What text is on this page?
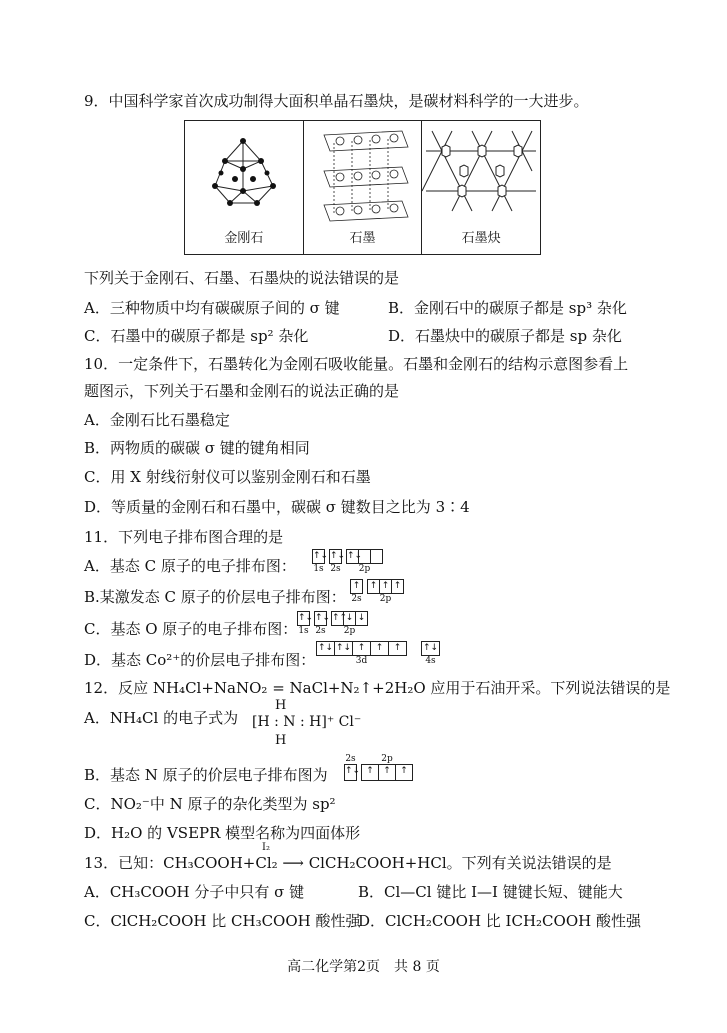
9．中国科学家首次成功制得大面积单晶石墨炔，是碳材料科学的一大进步。
金刚石	石墨	石墨炔
下列关于金刚石、石墨、石墨炔的说法错误的是
A．三种物质中均有碳碳原子间的 σ 键	B．金刚石中的碳原子都是 sp³ 杂化
C．石墨中的碳原子都是 sp² 杂化	D．石墨炔中的碳原子都是 sp 杂化
10．一定条件下，石墨转化为金刚石吸收能量。石墨和金刚石的结构示意图参看上
题图示，下列关于石墨和金刚石的说法正确的是
A．金刚石比石墨稳定
B．两物质的碳碳 σ 键的键角相同
C．用 X 射线衍射仪可以鉴别金刚石和石墨
D．等质量的金刚石和石墨中，碳碳 σ 键数目之比为 3∶4
11．下列电子排布图合理的是
A．基态 C 原子的电子排布图：
↑↓
1s
↑↓
2s
↑↓
2p
B.某激发态 C 原子的价层电子排布图：
↑
2s
↑ ↑ ↑
2p
C．基态 O 原子的电子排布图：
↑↓
1s
↑↓
2s
↑↑
↓ ↓
2p
D．基态 Co²⁺的价层电子排布图：
↑↓ ↑↓ ↑	↑	↑
3d
↑↓
4s
12．反应 NH₄Cl+NaNO₂ = NaCl+N₂↑+2H₂O 应用于石油开采。下列说法错误的是
A．NH₄Cl 的电子式为
H
[H : N : H]⁺ Cl⁻
H
B．基态 N 原子的价层电子排布图为 ↑↓
2s
↑	↑	↑
2p
C．NO₂⁻中 N 原子的杂化类型为 sp²
D．H₂O 的 VSEPR 模型名称为四面体形
I₂
13．已知：CH₃COOH+Cl₂ ⟶ ClCH₂COOH+HCl。下列有关说法错误的是
A．CH₃COOH 分子中只有 σ 键	B．Cl—Cl 键比 I—I 键键长短、键能大
C．ClCH₂COOH 比 CH₃COOH 酸性强
D．ClCH₂COOH 比 ICH₂COOH 酸性强
高二化学第2页　共 8 页
